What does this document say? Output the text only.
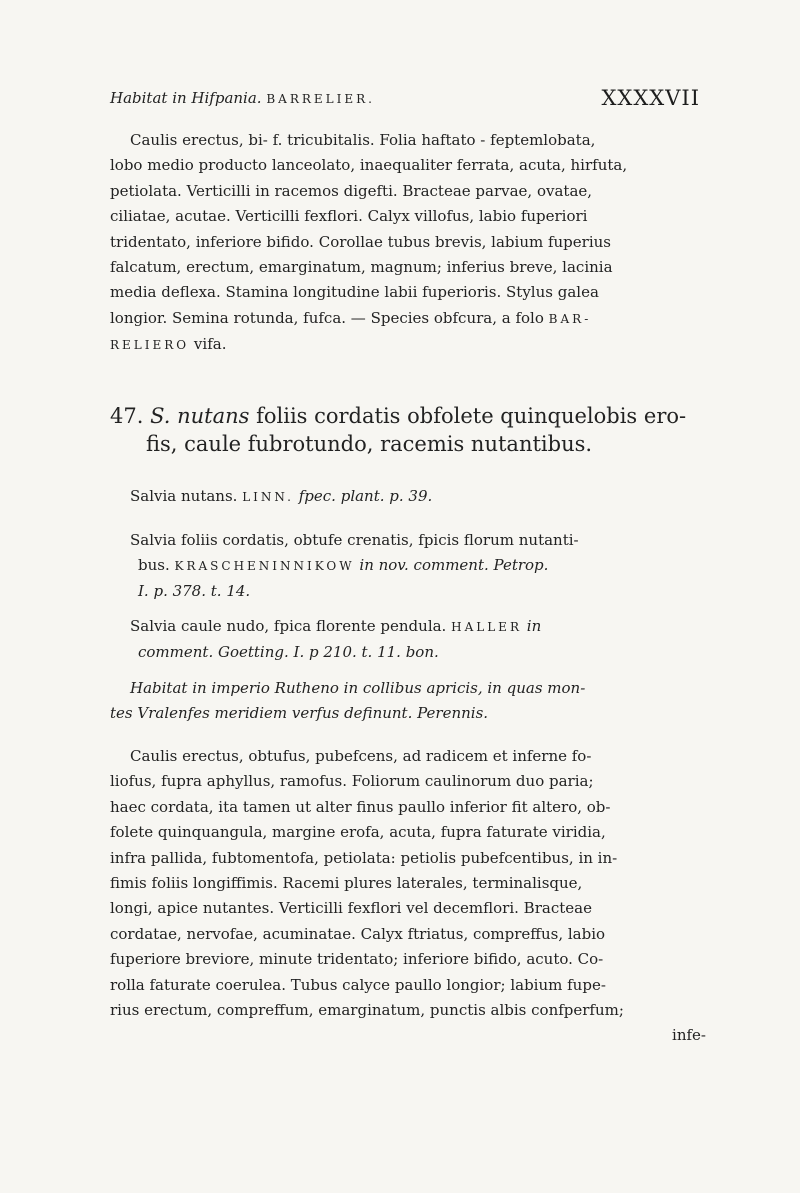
XXXXVII
Habitat in Hifpania. BARRELIER.

Caulis erectus, bi- f. tricubitalis. Folia haftato - feptemlobata,

lobo medio producto lanceolato, inaequaliter ferrata, acuta, hirfuta,

petiolata. Verticilli in racemos digefti. Bracteae parvae, ovatae,

ciliatae, acutae. Verticilli fexflori. Calyx villofus, labio fuperiori

tridentato, inferiore bifido. Corollae tubus brevis, labium fuperius

falcatum, erectum, emarginatum, magnum; inferius breve, lacinia

media deflexa. Stamina longitudine labii fuperioris. Stylus galea

longior. Semina rotunda, fufca. — Species obfcura, a folo BAR-

RELIERO vifa.

47. S. nutans foliis cordatis obfolete quinquelobis ero-

fis, caule fubrotundo, racemis nutantibus.

Salvia nutans. LINN. fpec. plant. p. 39.

Salvia foliis cordatis, obtufe crenatis, fpicis florum nutanti-

bus. KRASCHENINNIKOW in nov. comment. Petrop.

I. p. 378. t. 14.

Salvia caule nudo, fpica florente pendula. HALLER in

comment. Goetting. I. p 210. t. 11. bon.

Habitat in imperio Rutheno in collibus apricis, in quas mon-

tes Vralenfes meridiem verfus definunt. Perennis.

Caulis erectus, obtufus, pubefcens, ad radicem et inferne fo-

liofus, fupra aphyllus, ramofus. Foliorum caulinorum duo paria;

haec cordata, ita tamen ut alter finus paullo inferior fit altero, ob-

folete quinquangula, margine erofa, acuta, fupra faturate viridia,

infra pallida, fubtomentofa, petiolata: petiolis pubefcentibus, in in-

fimis foliis longiffimis. Racemi plures laterales, terminalisque,

longi, apice nutantes. Verticilli fexflori vel decemflori. Bracteae

cordatae, nervofae, acuminatae. Calyx ftriatus, compreffus, labio

fuperiore breviore, minute tridentato; inferiore bifido, acuto. Co-

rolla faturate coerulea. Tubus calyce paullo longior; labium fupe-

rius erectum, compreffum, emarginatum, punctis albis confperfum;

infe-
